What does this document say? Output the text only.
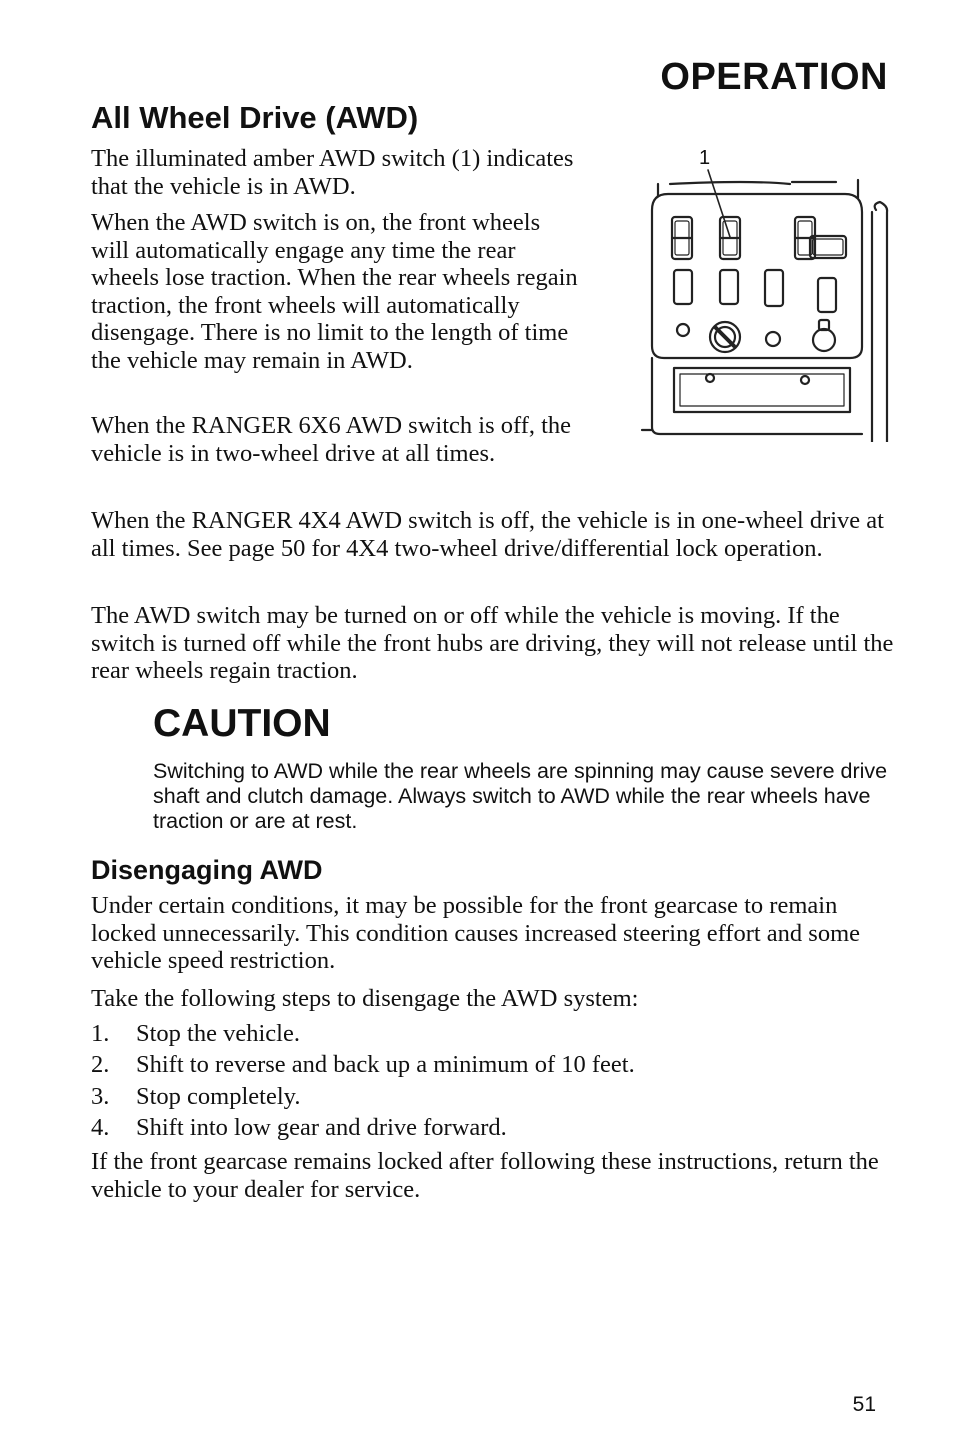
OPERATION
All Wheel Drive (AWD)

The illuminated amber AWD switch (1) indicates that the vehicle is in AWD.

When the AWD switch is on, the front wheels will automatically engage any time the rear wheels lose traction. When the rear wheels regain traction, the front wheels will automatically disengage. There is no limit to the length of time the vehicle may remain in AWD.

When the RANGER 6X6 AWD switch is off, the vehicle is in two-wheel drive at all times.

When the RANGER 4X4 AWD switch is off, the vehicle is in one-wheel drive at all times. See page 50 for 4X4 two-wheel drive/differential lock operation.

The AWD switch may be turned on or off while the vehicle is moving. If the switch is turned off while the front hubs are driving, they will not release until the rear wheels regain traction.

1
CAUTION

Switching to AWD while the rear wheels are spinning may cause severe drive shaft and clutch damage. Always switch to AWD while the rear wheels have traction or are at rest.

Disengaging AWD

Under certain conditions, it may be possible for the front gearcase to remain locked unnecessarily. This condition causes increased steering effort and some vehicle speed restriction.

Take the following steps to disengage the AWD system:

1.	Stop the vehicle.
2.	Shift to reverse and back up a minimum of 10 feet.
3.	Stop completely.
4.	Shift into low gear and drive forward.

If the front gearcase remains locked after following these instructions, return the vehicle to your dealer for service.

51
